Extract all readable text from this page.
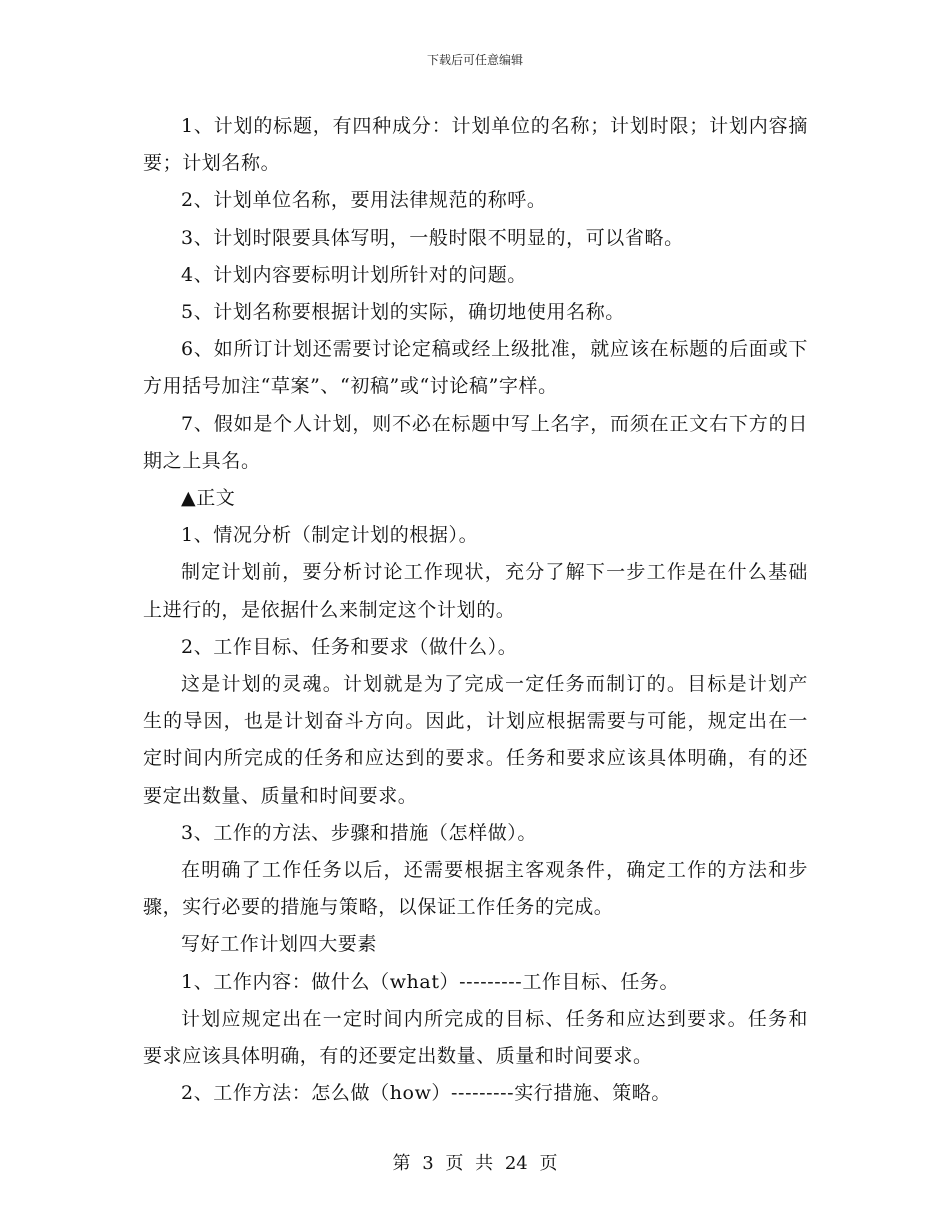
下载后可任意编辑

1、计划的标题，有四种成分：计划单位的名称；计划时限；计划内容摘要；计划名称。

2、计划单位名称，要用法律规范的称呼。

3、计划时限要具体写明，一般时限不明显的，可以省略。

4、计划内容要标明计划所针对的问题。

5、计划名称要根据计划的实际，确切地使用名称。

6、如所订计划还需要讨论定稿或经上级批准，就应该在标题的后面或下方用括号加注“草案”、“初稿”或“讨论稿”字样。

7、假如是个人计划，则不必在标题中写上名字，而须在正文右下方的日期之上具名。

▲正文

1、情况分析（制定计划的根据）。

制定计划前，要分析讨论工作现状，充分了解下一步工作是在什么基础上进行的，是依据什么来制定这个计划的。

2、工作目标、任务和要求（做什么）。

这是计划的灵魂。计划就是为了完成一定任务而制订的。目标是计划产生的导因，也是计划奋斗方向。因此，计划应根据需要与可能，规定出在一定时间内所完成的任务和应达到的要求。任务和要求应该具体明确，有的还要定出数量、质量和时间要求。

3、工作的方法、步骤和措施（怎样做）。

在明确了工作任务以后，还需要根据主客观条件，确定工作的方法和步骤，实行必要的措施与策略，以保证工作任务的完成。

写好工作计划四大要素

1、工作内容：做什么（what）---------工作目标、任务。

计划应规定出在一定时间内所完成的目标、任务和应达到要求。任务和要求应该具体明确，有的还要定出数量、质量和时间要求。

2、工作方法：怎么做（how）---------实行措施、策略。

第 3 页 共 24 页
